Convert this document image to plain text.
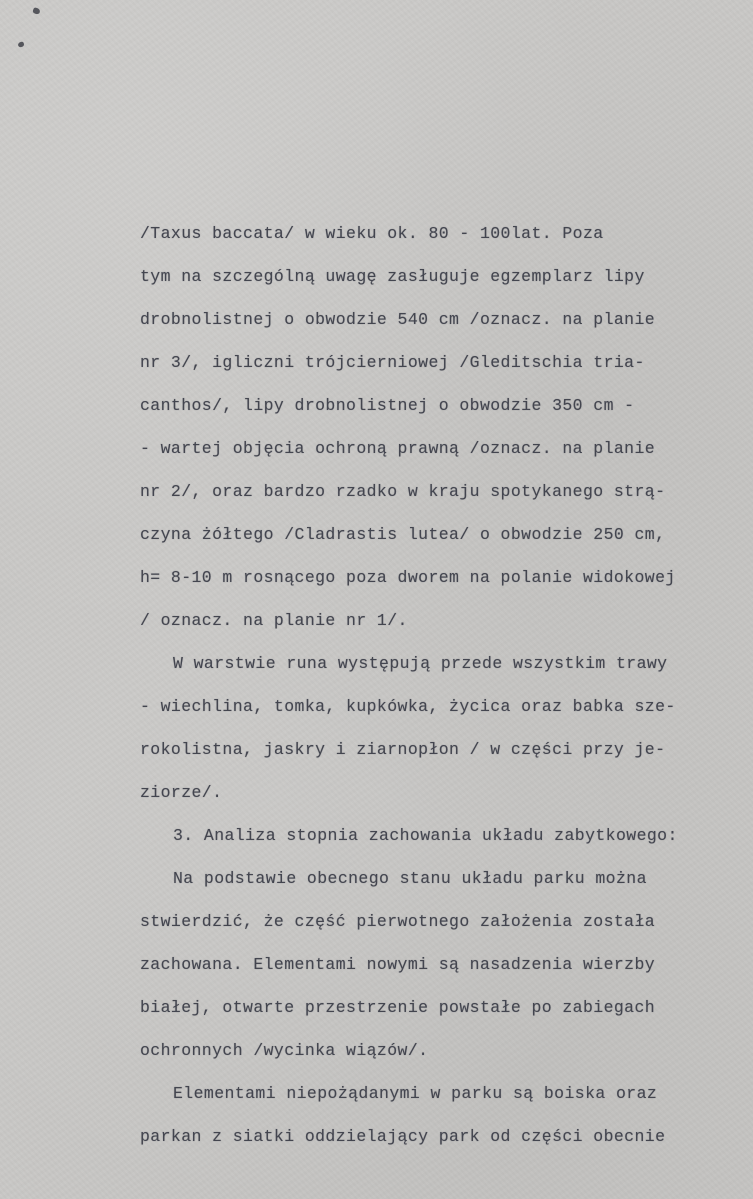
/Taxus baccata/ w wieku ok. 80 - 100lat. Poza
tym na szczególną uwagę zasługuje egzemplarz lipy
drobnolistnej o obwodzie 540 cm /oznacz. na planie
nr 3/, igliczni trójcierniowej /Gleditschia tria-
canthos/, lipy drobnolistnej o obwodzie 350 cm -
- wartej objęcia ochroną prawną /oznacz. na planie
nr 2/, oraz bardzo rzadko w kraju spotykanego strą-
czyna żółtego /Cladrastis lutea/ o obwodzie 250 cm,
h= 8-10 m rosnącego poza dworem na polanie widokowej
/ oznacz. na planie nr 1/.
W warstwie runa występują przede wszystkim trawy
- wiechlina, tomka, kupkówka, życica oraz babka sze-
rokolistna, jaskry i ziarnopłon / w części przy je-
ziorze/.
3. Analiza stopnia zachowania układu zabytkowego:
Na podstawie obecnego stanu układu parku można
stwierdzić, że część pierwotnego założenia została
zachowana. Elementami nowymi są nasadzenia wierzby
białej, otwarte przestrzenie powstałe po zabiegach
ochronnych /wycinka wiązów/.
Elementami niepożądanymi w parku są boiska oraz
parkan z siatki oddzielający park od części obecnie
